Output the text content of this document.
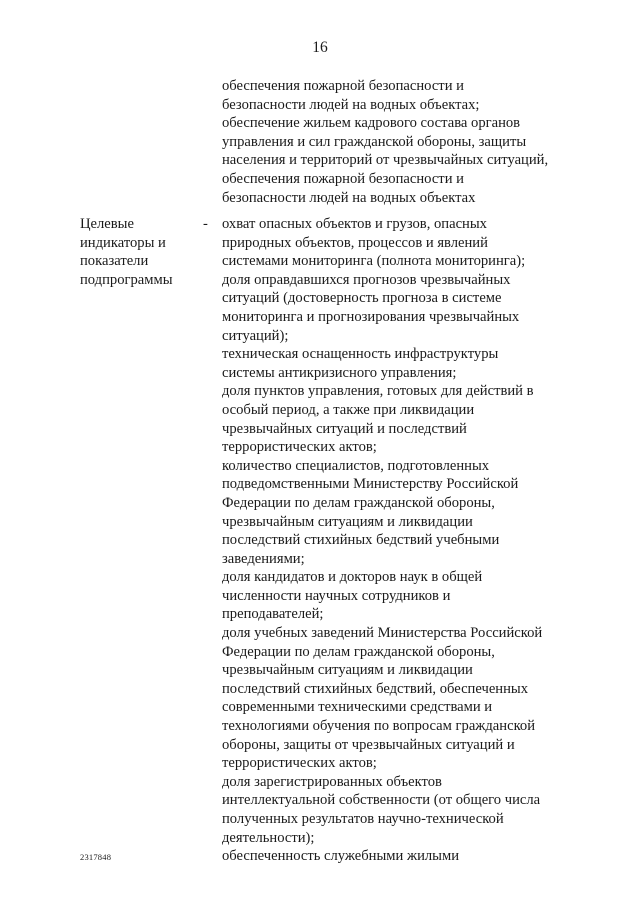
16
обеспечения пожарной безопасности и
безопасности людей на водных объектах;
обеспечение жильем кадрового состава органов
управления и сил гражданской обороны, защиты
населения и территорий от чрезвычайных ситуаций,
обеспечения пожарной безопасности и
безопасности людей на водных объектах
Целевые
индикаторы и
показатели
подпрограммы
- охват опасных объектов и грузов, опасных
природных объектов, процессов и явлений
системами мониторинга (полнота мониторинга);
доля оправдавшихся прогнозов чрезвычайных
ситуаций (достоверность прогноза в системе
мониторинга и прогнозирования чрезвычайных
ситуаций);
техническая оснащенность инфраструктуры
системы антикризисного управления;
доля пунктов управления, готовых для действий в
особый период, а также при ликвидации
чрезвычайных ситуаций и последствий
террористических актов;
количество специалистов, подготовленных
подведомственными Министерству Российской
Федерации по делам гражданской обороны,
чрезвычайным ситуациям и ликвидации
последствий стихийных бедствий учебными
заведениями;
доля кандидатов и докторов наук в общей
численности научных сотрудников и
преподавателей;
доля учебных заведений Министерства Российской
Федерации по делам гражданской обороны,
чрезвычайным ситуациям и ликвидации
последствий стихийных бедствий, обеспеченных
современными техническими средствами и
технологиями обучения по вопросам гражданской
обороны, защиты от чрезвычайных ситуаций и
террористических актов;
доля зарегистрированных объектов
интеллектуальной собственности (от общего числа
полученных результатов научно-технической
деятельности);
обеспеченность служебными жилыми
2317848
